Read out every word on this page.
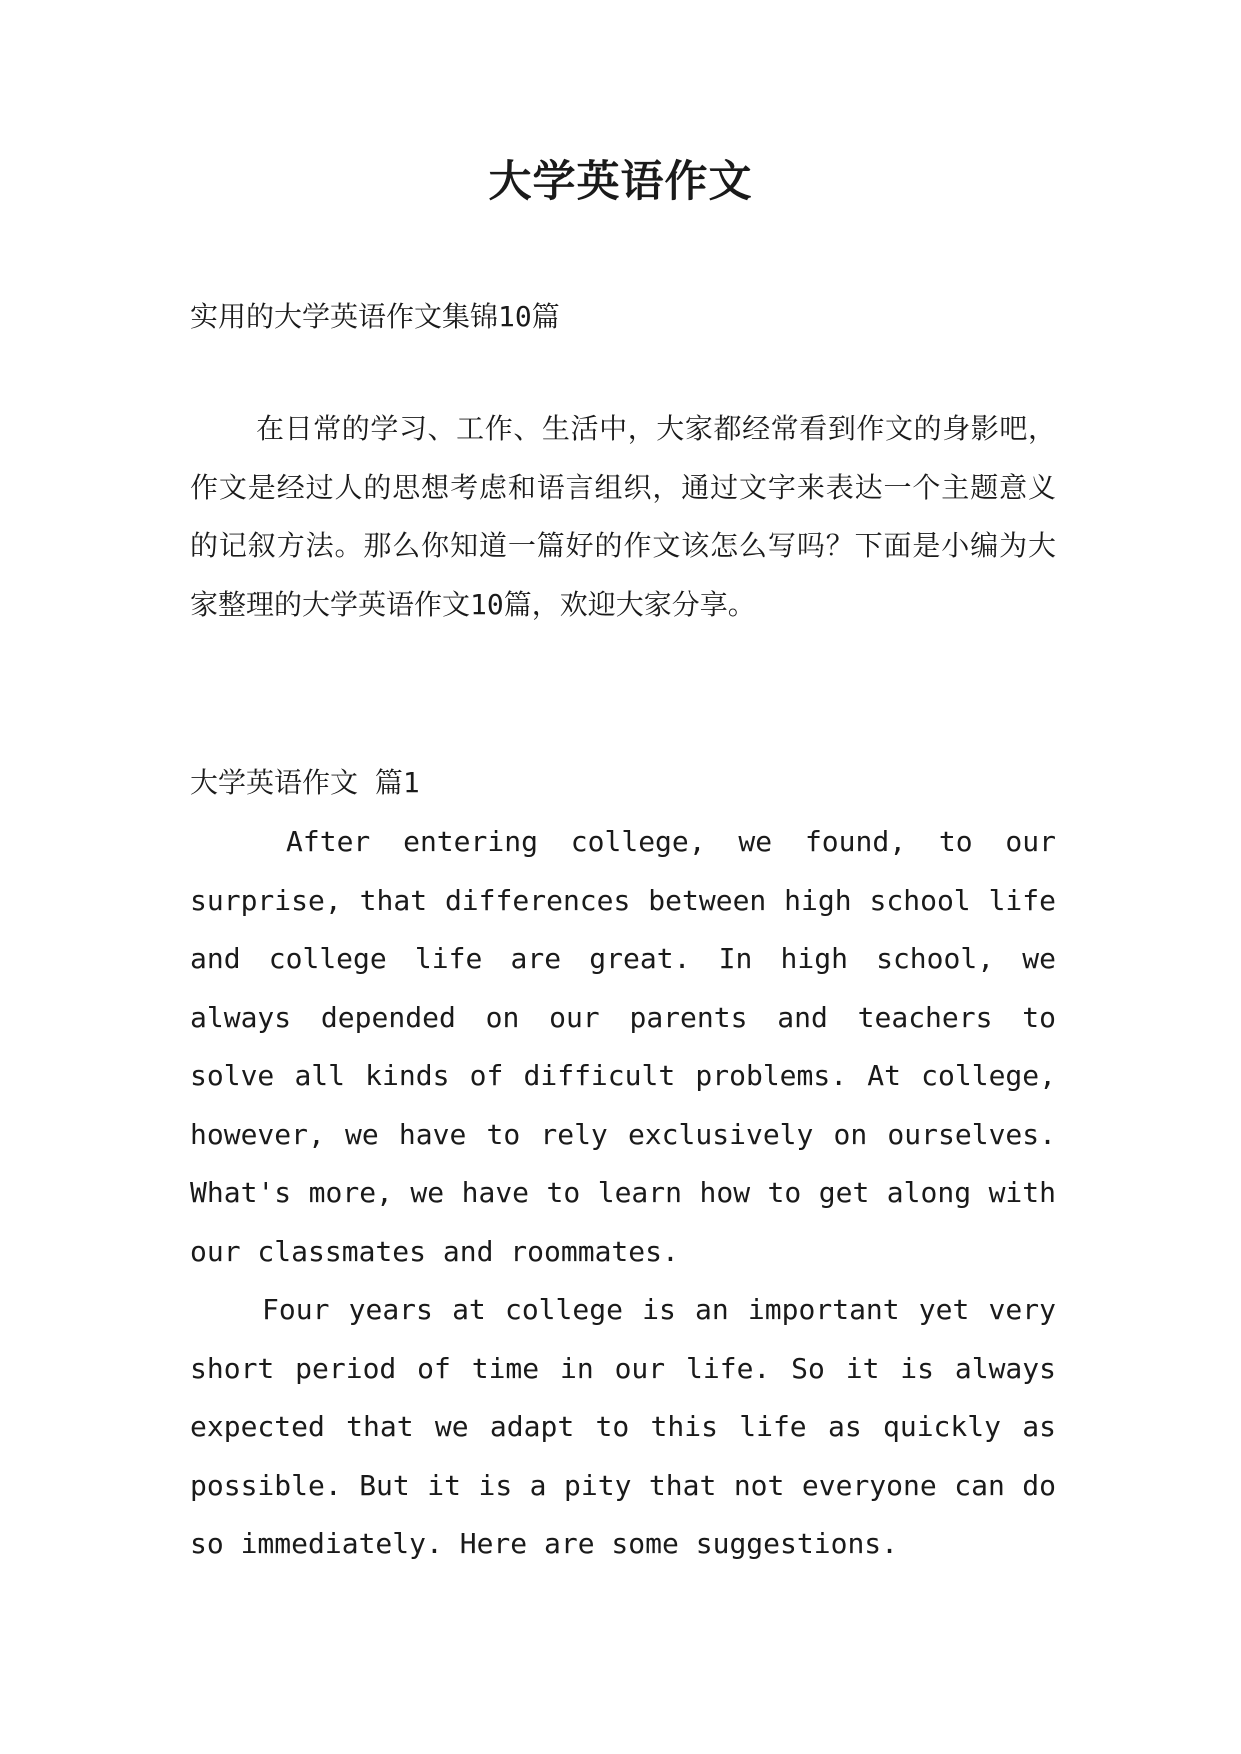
大学英语作文

实用的大学英语作文集锦10篇

在日常的学习、工作、生活中，大家都经常看到作文的身影吧，作文是经过人的思想考虑和语言组织，通过文字来表达一个主题意义的记叙方法。那么你知道一篇好的作文该怎么写吗？下面是小编为大家整理的大学英语作文10篇，欢迎大家分享。

大学英语作文 篇1

After entering college, we found, to our surprise, that differences between high school life and college life are great. In high school, we always depended on our parents and teachers to solve all kinds of difficult problems. At college, however, we have to rely exclusively on ourselves. What's more, we have to learn how to get along with our classmates and roommates.

Four years at college is an important yet very short period of time in our life. So it is always expected that we adapt to this life as quickly as possible. But it is a pity that not everyone can do so immediately. Here are some suggestions.
